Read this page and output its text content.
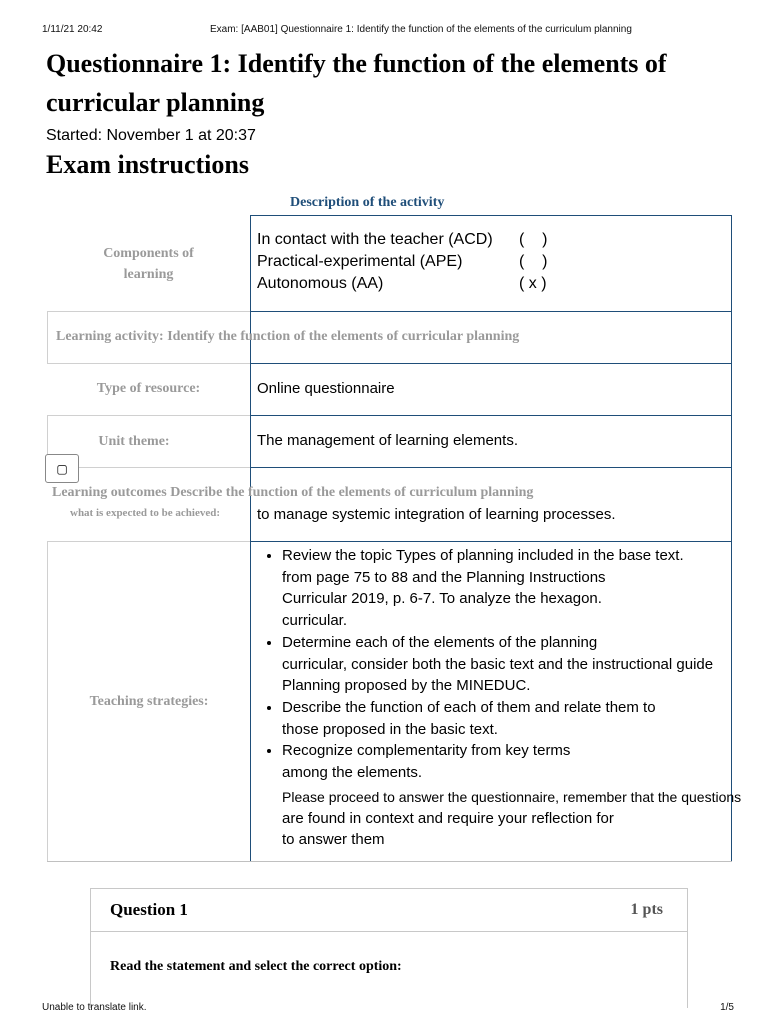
1/11/21 20:42	Exam: [AAB01] Questionnaire 1: Identify the function of the elements of the curriculum planning
Questionnaire 1: Identify the function of the elements of curricular planning
Started: November 1 at 20:37
Exam instructions
Description of the activity
Components of learning
In contact with the teacher (ACD) (    )
Practical-experimental (APE)	(    )
Autonomous (AA)	( x )
Learning activity: Identify the function of the elements of curricular planning
Type of resource:	Online questionnaire
Unit theme:	The management of learning elements.
▢
Learning outcomes Describe the function of the elements of curriculum planning
what is expected to be achieved: to manage systemic integration of learning processes.
Teaching strategies:
• Review the topic Types of planning included in the base text.
from page 75 to 88 and the Planning Instructions
Curricular 2019, p. 6-7. To analyze the hexagon.
curricular.
• Determine each of the elements of the planning
curricular, consider both the basic text and the instructional guide
Planning proposed by the MINEDUC.
• Describe the function of each of them and relate them to
those proposed in the basic text.
• Recognize complementarity from key terms
among the elements.
Please proceed to answer the questionnaire, remember that the questions
are found in context and require your reflection for
to answer them
Question 1	1 pts
Read the statement and select the correct option:
Unable to translate link.	1/5
